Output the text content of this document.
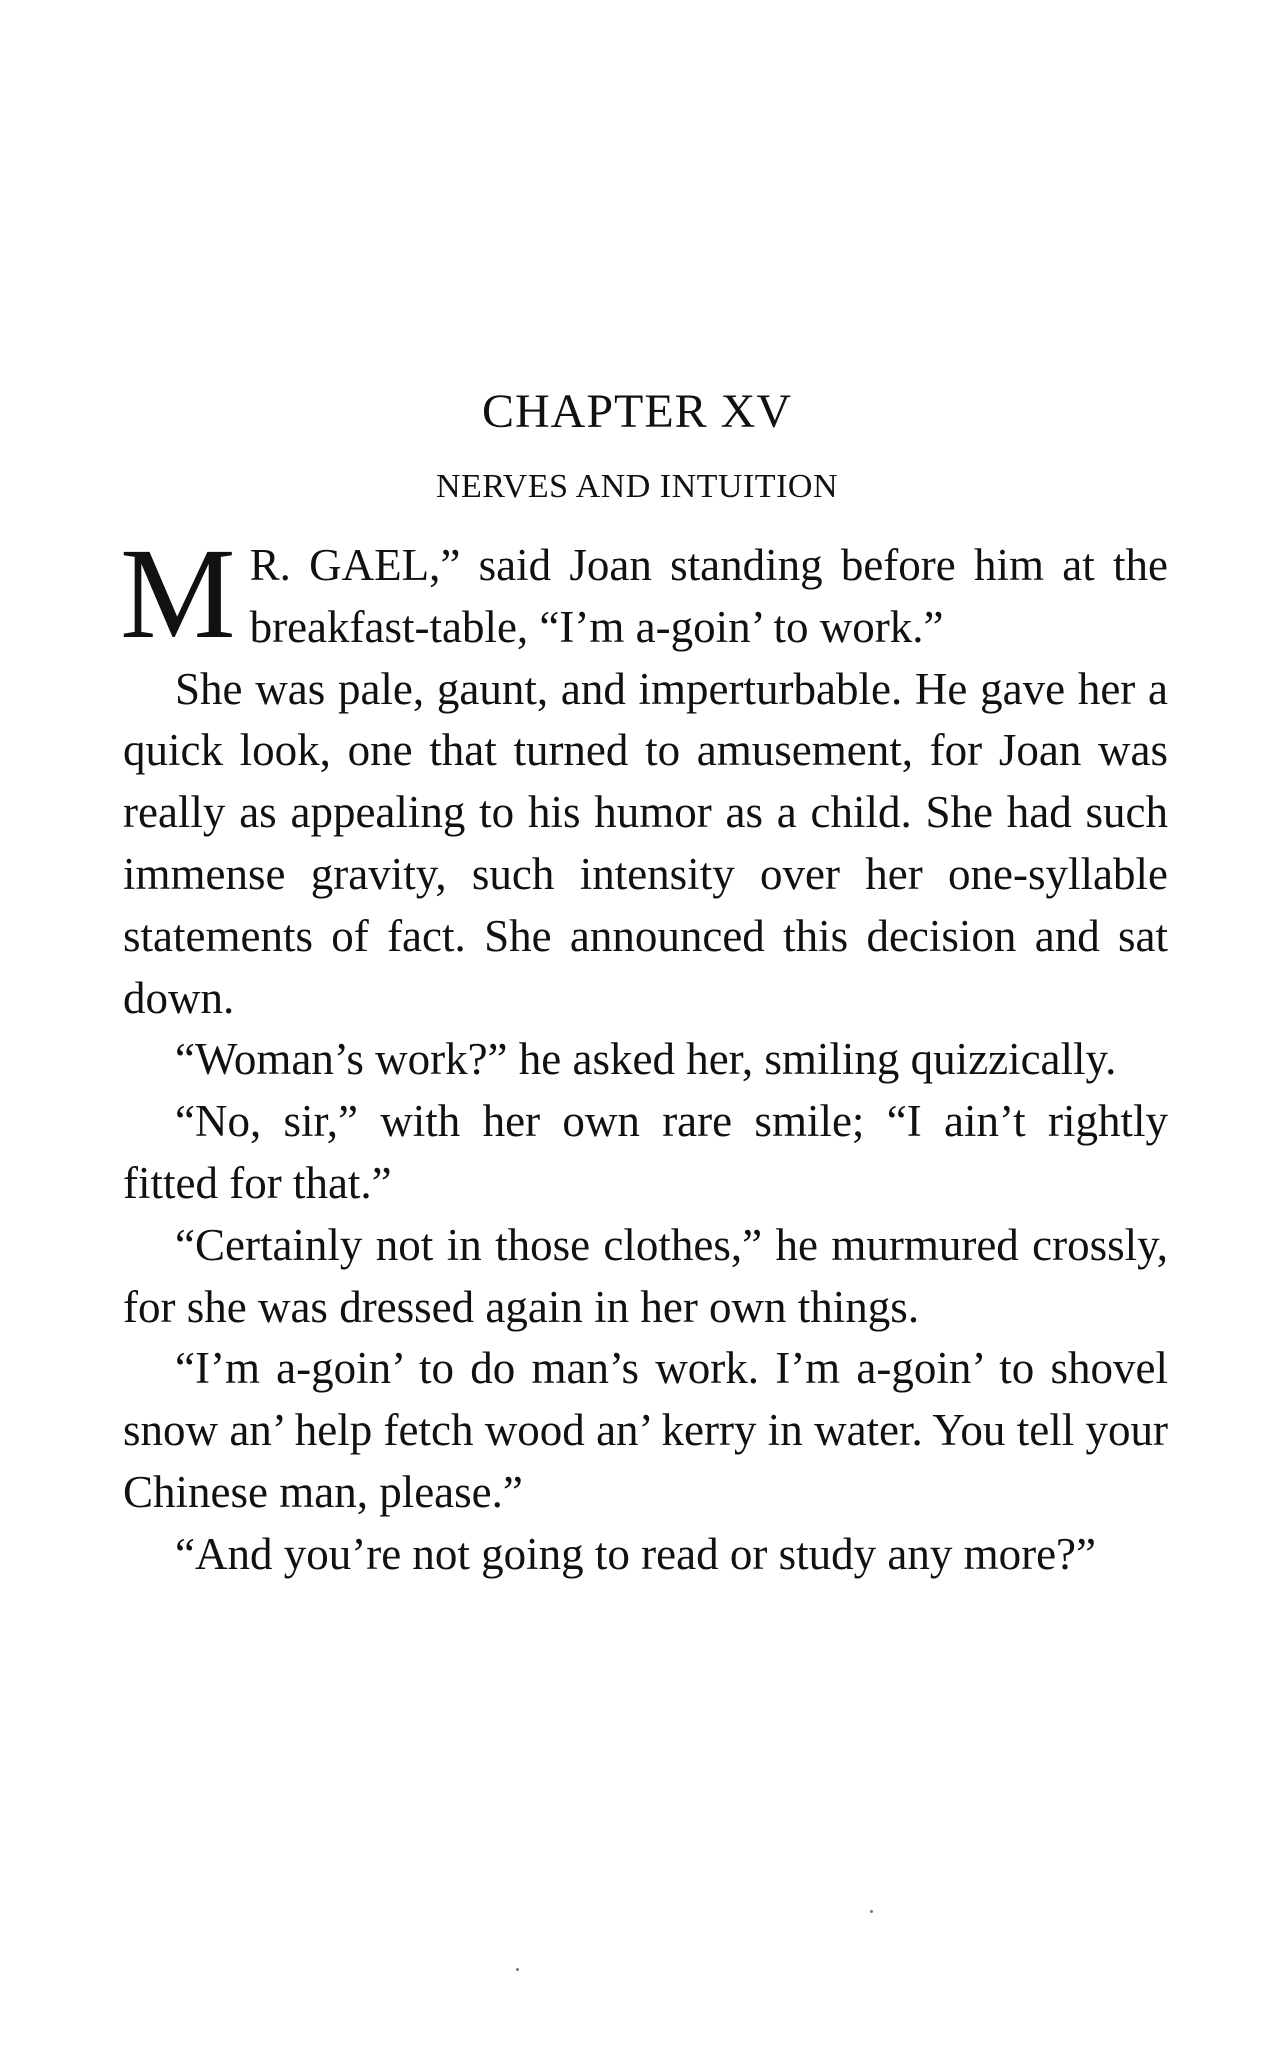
CHAPTER XV
NERVES AND INTUITION

M R. GAEL,” said Joan standing before him at the breakfast-table, “I’m a-goin’ to work.”

She was pale, gaunt, and imperturbable. He gave her a quick look, one that turned to amusement, for Joan was really as appealing to his humor as a child. She had such immense gravity, such intensity over her one-syllable statements of fact. She announced this decision and sat down.

“Woman’s work?” he asked her, smiling quizzically.

“No, sir,” with her own rare smile; “I ain’t rightly fitted for that.”

“Certainly not in those clothes,” he murmured crossly, for she was dressed again in her own things.

“I’m a-goin’ to do man’s work. I’m a-goin’ to shovel snow an’ help fetch wood an’ kerry in water. You tell your Chinese man, please.”

“And you’re not going to read or study any more?”
